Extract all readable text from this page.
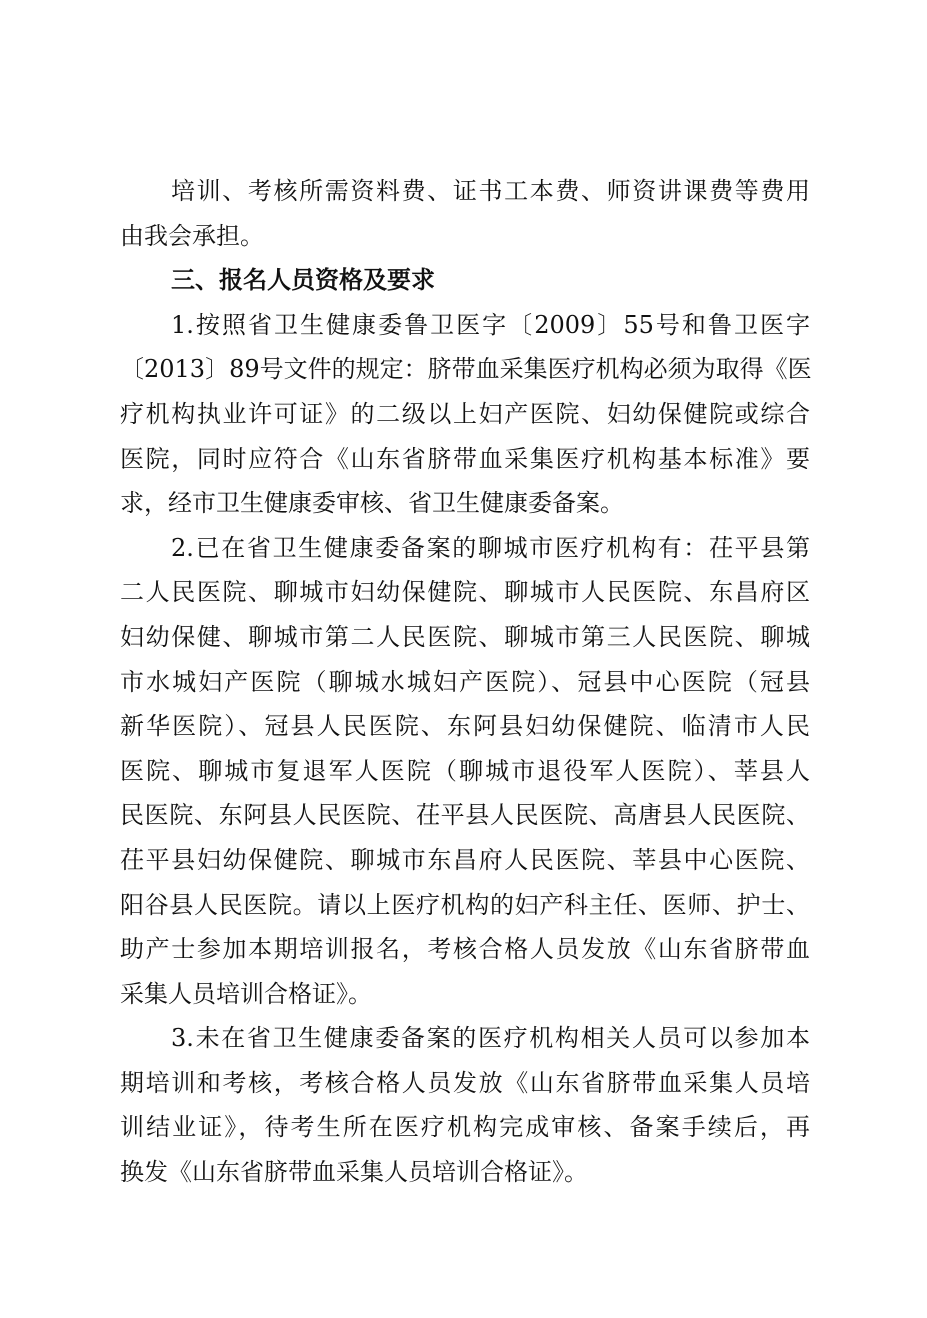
培训、考核所需资料费、证书工本费、师资讲课费等费用
由我会承担。
三、报名人员资格及要求
1.按照省卫生健康委鲁卫医字〔2009〕55号和鲁卫医字
〔2013〕89号文件的规定：脐带血采集医疗机构必须为取得《医
疗机构执业许可证》的二级以上妇产医院、妇幼保健院或综合
医院，同时应符合《山东省脐带血采集医疗机构基本标准》要
求，经市卫生健康委审核、省卫生健康委备案。
2.已在省卫生健康委备案的聊城市医疗机构有：茌平县第
二人民医院、聊城市妇幼保健院、聊城市人民医院、东昌府区
妇幼保健、聊城市第二人民医院、聊城市第三人民医院、聊城
市水城妇产医院（聊城水城妇产医院）、冠县中心医院（冠县
新华医院）、冠县人民医院、东阿县妇幼保健院、临清市人民
医院、聊城市复退军人医院（聊城市退役军人医院）、莘县人
民医院、东阿县人民医院、茌平县人民医院、高唐县人民医院、
茌平县妇幼保健院、聊城市东昌府人民医院、莘县中心医院、
阳谷县人民医院。请以上医疗机构的妇产科主任、医师、护士、
助产士参加本期培训报名，考核合格人员发放《山东省脐带血
采集人员培训合格证》。
3.未在省卫生健康委备案的医疗机构相关人员可以参加本
期培训和考核，考核合格人员发放《山东省脐带血采集人员培
训结业证》，待考生所在医疗机构完成审核、备案手续后，再
换发《山东省脐带血采集人员培训合格证》。
